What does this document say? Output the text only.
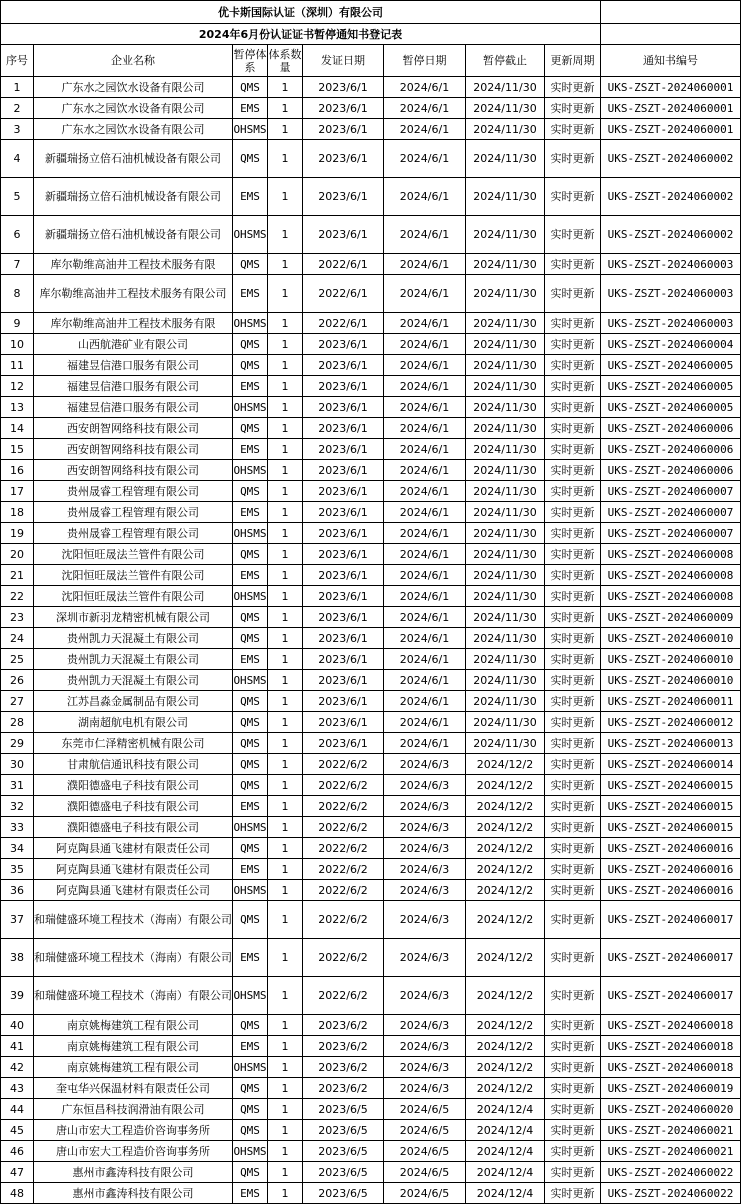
优卡斯国际认证（深圳）有限公司								
2024年6月份认证证书暂停通知书登记表								
序号	企业名称	暂停体系	体系数量	发证日期	暂停日期	暂停截止	更新周期	通知书编号
1	广东水之园饮水设备有限公司	QMS	1	2023/6/1	2024/6/1	2024/11/30	实时更新	UKS-ZSZT-2024060001
2	广东水之园饮水设备有限公司	EMS	1	2023/6/1	2024/6/1	2024/11/30	实时更新	UKS-ZSZT-2024060001
3	广东水之园饮水设备有限公司	OHSMS	1	2023/6/1	2024/6/1	2024/11/30	实时更新	UKS-ZSZT-2024060001
4	新疆瑞扬立倍石油机械设备有限公司	QMS	1	2023/6/1	2024/6/1	2024/11/30	实时更新	UKS-ZSZT-2024060002
5	新疆瑞扬立倍石油机械设备有限公司	EMS	1	2023/6/1	2024/6/1	2024/11/30	实时更新	UKS-ZSZT-2024060002
6	新疆瑞扬立倍石油机械设备有限公司	OHSMS	1	2023/6/1	2024/6/1	2024/11/30	实时更新	UKS-ZSZT-2024060002
7	库尔勒维高油井工程技术服务有限	QMS	1	2022/6/1	2024/6/1	2024/11/30	实时更新	UKS-ZSZT-2024060003
8	库尔勒维高油井工程技术服务有限公司	EMS	1	2022/6/1	2024/6/1	2024/11/30	实时更新	UKS-ZSZT-2024060003
9	库尔勒维高油井工程技术服务有限	OHSMS	1	2022/6/1	2024/6/1	2024/11/30	实时更新	UKS-ZSZT-2024060003
10	山西航港矿业有限公司	QMS	1	2023/6/1	2024/6/1	2024/11/30	实时更新	UKS-ZSZT-2024060004
11	福建昱信港口服务有限公司	QMS	1	2023/6/1	2024/6/1	2024/11/30	实时更新	UKS-ZSZT-2024060005
12	福建昱信港口服务有限公司	EMS	1	2023/6/1	2024/6/1	2024/11/30	实时更新	UKS-ZSZT-2024060005
13	福建昱信港口服务有限公司	OHSMS	1	2023/6/1	2024/6/1	2024/11/30	实时更新	UKS-ZSZT-2024060005
14	西安朗智网络科技有限公司	QMS	1	2023/6/1	2024/6/1	2024/11/30	实时更新	UKS-ZSZT-2024060006
15	西安朗智网络科技有限公司	EMS	1	2023/6/1	2024/6/1	2024/11/30	实时更新	UKS-ZSZT-2024060006
16	西安朗智网络科技有限公司	OHSMS	1	2023/6/1	2024/6/1	2024/11/30	实时更新	UKS-ZSZT-2024060006
17	贵州晟睿工程管理有限公司	QMS	1	2023/6/1	2024/6/1	2024/11/30	实时更新	UKS-ZSZT-2024060007
18	贵州晟睿工程管理有限公司	EMS	1	2023/6/1	2024/6/1	2024/11/30	实时更新	UKS-ZSZT-2024060007
19	贵州晟睿工程管理有限公司	OHSMS	1	2023/6/1	2024/6/1	2024/11/30	实时更新	UKS-ZSZT-2024060007
20	沈阳恒旺晟法兰管件有限公司	QMS	1	2023/6/1	2024/6/1	2024/11/30	实时更新	UKS-ZSZT-2024060008
21	沈阳恒旺晟法兰管件有限公司	EMS	1	2023/6/1	2024/6/1	2024/11/30	实时更新	UKS-ZSZT-2024060008
22	沈阳恒旺晟法兰管件有限公司	OHSMS	1	2023/6/1	2024/6/1	2024/11/30	实时更新	UKS-ZSZT-2024060008
23	深圳市新羽龙精密机械有限公司	QMS	1	2023/6/1	2024/6/1	2024/11/30	实时更新	UKS-ZSZT-2024060009
24	贵州凯力天混凝土有限公司	QMS	1	2023/6/1	2024/6/1	2024/11/30	实时更新	UKS-ZSZT-2024060010
25	贵州凯力天混凝土有限公司	EMS	1	2023/6/1	2024/6/1	2024/11/30	实时更新	UKS-ZSZT-2024060010
26	贵州凯力天混凝土有限公司	OHSMS	1	2023/6/1	2024/6/1	2024/11/30	实时更新	UKS-ZSZT-2024060010
27	江苏昌淼金属制品有限公司	QMS	1	2023/6/1	2024/6/1	2024/11/30	实时更新	UKS-ZSZT-2024060011
28	湖南超航电机有限公司	QMS	1	2023/6/1	2024/6/1	2024/11/30	实时更新	UKS-ZSZT-2024060012
29	东莞市仁泽精密机械有限公司	QMS	1	2023/6/1	2024/6/1	2024/11/30	实时更新	UKS-ZSZT-2024060013
30	甘肃航信通讯科技有限公司	QMS	1	2022/6/2	2024/6/3	2024/12/2	实时更新	UKS-ZSZT-2024060014
31	濮阳德盛电子科技有限公司	QMS	1	2022/6/2	2024/6/3	2024/12/2	实时更新	UKS-ZSZT-2024060015
32	濮阳德盛电子科技有限公司	EMS	1	2022/6/2	2024/6/3	2024/12/2	实时更新	UKS-ZSZT-2024060015
33	濮阳德盛电子科技有限公司	OHSMS	1	2022/6/2	2024/6/3	2024/12/2	实时更新	UKS-ZSZT-2024060015
34	阿克陶县通飞建材有限责任公司	QMS	1	2022/6/2	2024/6/3	2024/12/2	实时更新	UKS-ZSZT-2024060016
35	阿克陶县通飞建材有限责任公司	EMS	1	2022/6/2	2024/6/3	2024/12/2	实时更新	UKS-ZSZT-2024060016
36	阿克陶县通飞建材有限责任公司	OHSMS	1	2022/6/2	2024/6/3	2024/12/2	实时更新	UKS-ZSZT-2024060016
37	和瑞健盛环境工程技术（海南）有限公司	QMS	1	2022/6/2	2024/6/3	2024/12/2	实时更新	UKS-ZSZT-2024060017
38	和瑞健盛环境工程技术（海南）有限公司	EMS	1	2022/6/2	2024/6/3	2024/12/2	实时更新	UKS-ZSZT-2024060017
39	和瑞健盛环境工程技术（海南）有限公司	OHSMS	1	2022/6/2	2024/6/3	2024/12/2	实时更新	UKS-ZSZT-2024060017
40	南京姚梅建筑工程有限公司	QMS	1	2023/6/2	2024/6/3	2024/12/2	实时更新	UKS-ZSZT-2024060018
41	南京姚梅建筑工程有限公司	EMS	1	2023/6/2	2024/6/3	2024/12/2	实时更新	UKS-ZSZT-2024060018
42	南京姚梅建筑工程有限公司	OHSMS	1	2023/6/2	2024/6/3	2024/12/2	实时更新	UKS-ZSZT-2024060018
43	奎屯华兴保温材料有限责任公司	QMS	1	2023/6/2	2024/6/3	2024/12/2	实时更新	UKS-ZSZT-2024060019
44	广东恒昌科技润滑油有限公司	QMS	1	2023/6/5	2024/6/5	2024/12/4	实时更新	UKS-ZSZT-2024060020
45	唐山市宏大工程造价咨询事务所	QMS	1	2023/6/5	2024/6/5	2024/12/4	实时更新	UKS-ZSZT-2024060021
46	唐山市宏大工程造价咨询事务所	OHSMS	1	2023/6/5	2024/6/5	2024/12/4	实时更新	UKS-ZSZT-2024060021
47	惠州市鑫涛科技有限公司	QMS	1	2023/6/5	2024/6/5	2024/12/4	实时更新	UKS-ZSZT-2024060022
48	惠州市鑫涛科技有限公司	EMS	1	2023/6/5	2024/6/5	2024/12/4	实时更新	UKS-ZSZT-2024060022
